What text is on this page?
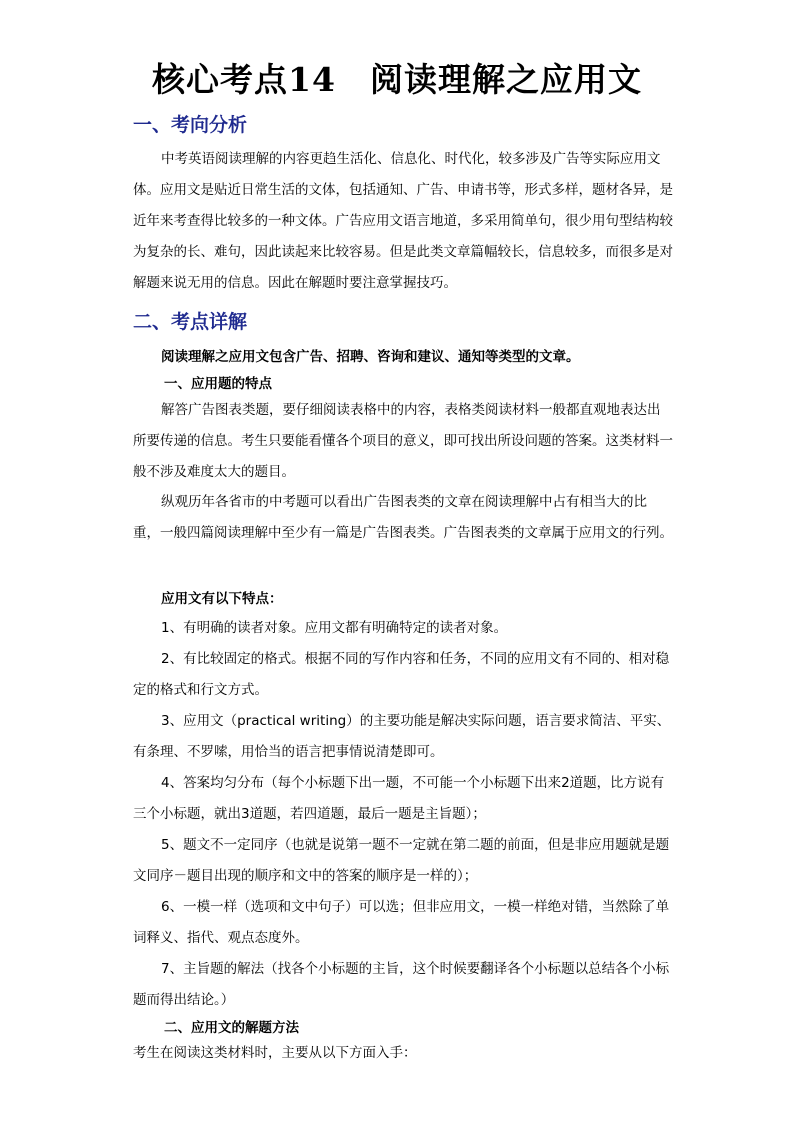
核心考点14　阅读理解之应用文
一、考向分析

中考英语阅读理解的内容更趋生活化、信息化、时代化，较多涉及广告等实际应用文体。应用文是贴近日常生活的文体，包括通知、广告、申请书等，形式多样，题材各异，是近年来考查得比较多的一种文体。广告应用文语言地道，多采用简单句，很少用句型结构较为复杂的长、难句，因此读起来比较容易。但是此类文章篇幅较长，信息较多，而很多是对解题来说无用的信息。因此在解题时要注意掌握技巧。

二、考点详解
阅读理解之应用文包含广告、招聘、咨询和建议、通知等类型的文章。
一、应用题的特点

解答广告图表类题，要仔细阅读表格中的内容，表格类阅读材料一般都直观地表达出所要传递的信息。考生只要能看懂各个项目的意义，即可找出所设问题的答案。这类材料一般不涉及难度太大的题目。

纵观历年各省市的中考题可以看出广告图表类的文章在阅读理解中占有相当大的比重，一般四篇阅读理解中至少有一篇是广告图表类。广告图表类的文章属于应用文的行列。

应用文有以下特点：

1、有明确的读者对象。应用文都有明确特定的读者对象。

2、有比较固定的格式。根据不同的写作内容和任务，不同的应用文有不同的、相对稳定的格式和行文方式。

3、应用文（practical writing）的主要功能是解决实际问题，语言要求简洁、平实、有条理、不罗嗦，用恰当的语言把事情说清楚即可。

4、答案均匀分布（每个小标题下出一题，不可能一个小标题下出来2道题，比方说有三个小标题，就出3道题，若四道题，最后一题是主旨题）；

5、题文不一定同序（也就是说第一题不一定就在第二题的前面，但是非应用题就是题文同序－题目出现的顺序和文中的答案的顺序是一样的）；

6、一模一样（选项和文中句子）可以选；但非应用文，一模一样绝对错，当然除了单词释义、指代、观点态度外。

7、主旨题的解法（找各个小标题的主旨，这个时候要翻译各个小标题以总结各个小标题而得出结论。）

二、应用文的解题方法
考生在阅读这类材料时，主要从以下方面入手：
